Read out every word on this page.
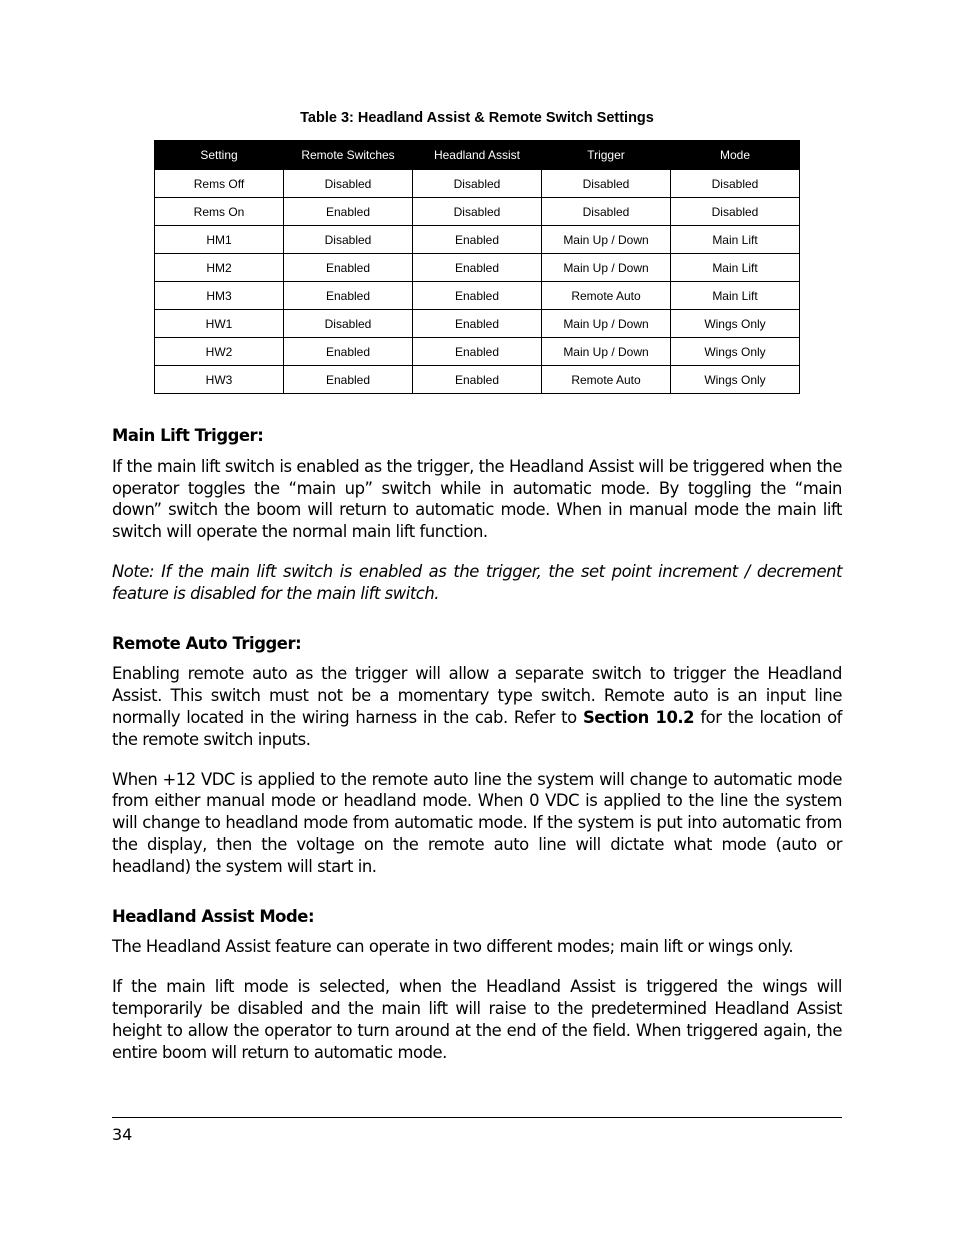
Table 3: Headland Assist & Remote Switch Settings
Setting	Remote Switches	Headland Assist	Trigger	Mode
Rems Off	Disabled	Disabled	Disabled	Disabled
Rems On	Enabled	Disabled	Disabled	Disabled
HM1	Disabled	Enabled	Main Up / Down	Main Lift
HM2	Enabled	Enabled	Main Up / Down	Main Lift
HM3	Enabled	Enabled	Remote Auto	Main Lift
HW1	Disabled	Enabled	Main Up / Down	Wings Only
HW2	Enabled	Enabled	Main Up / Down	Wings Only
HW3	Enabled	Enabled	Remote Auto	Wings Only
Main Lift Trigger:

If the main lift switch is enabled as the trigger, the Headland Assist will be triggered when the operator toggles the “main up” switch while in automatic mode. By toggling the “main down” switch the boom will return to automatic mode. When in manual mode the main lift switch will operate the normal main lift function.

Note: If the main lift switch is enabled as the trigger, the set point increment / decrement feature is disabled for the main lift switch.

Remote Auto Trigger:

Enabling remote auto as the trigger will allow a separate switch to trigger the Headland Assist. This switch must not be a momentary type switch. Remote auto is an input line normally located in the wiring harness in the cab. Refer to Section 10.2 for the location of the remote switch inputs.

When +12 VDC is applied to the remote auto line the system will change to automatic mode from either manual mode or headland mode. When 0 VDC is applied to the line the system will change to headland mode from automatic mode. If the system is put into automatic from the display, then the voltage on the remote auto line will dictate what mode (auto or headland) the system will start in.

Headland Assist Mode:

The Headland Assist feature can operate in two different modes; main lift or wings only.

If the main lift mode is selected, when the Headland Assist is triggered the wings will temporarily be disabled and the main lift will raise to the predetermined Headland Assist height to allow the operator to turn around at the end of the field. When triggered again, the entire boom will return to automatic mode.

34
